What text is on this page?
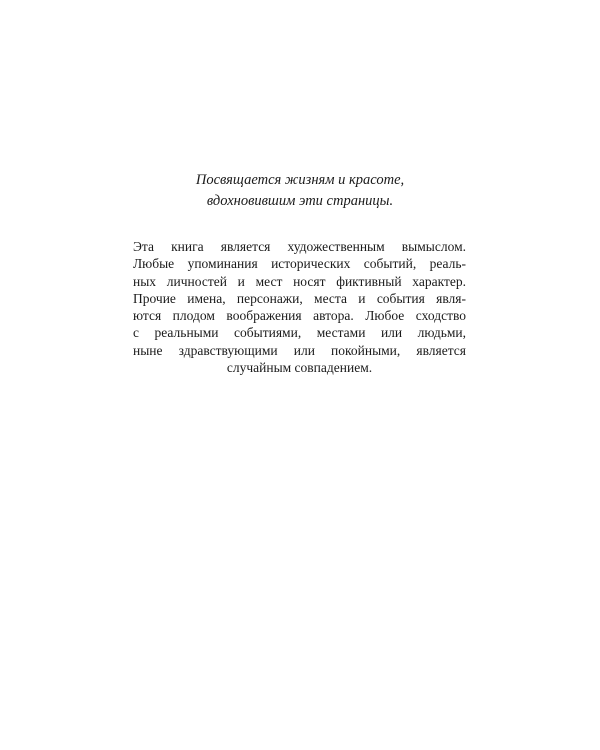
Посвящается жизням и красоте,
вдохновившим эти страницы.

Эта книга является художественным вымыслом.
Любые упоминания исторических событий, реаль-
ных личностей и мест носят фиктивный характер.
Прочие имена, персонажи, места и события явля-
ются плодом воображения автора. Любое сходство
с реальными событиями, местами или людьми,
ныне здравствующими или покойными, является
случайным совпадением.
